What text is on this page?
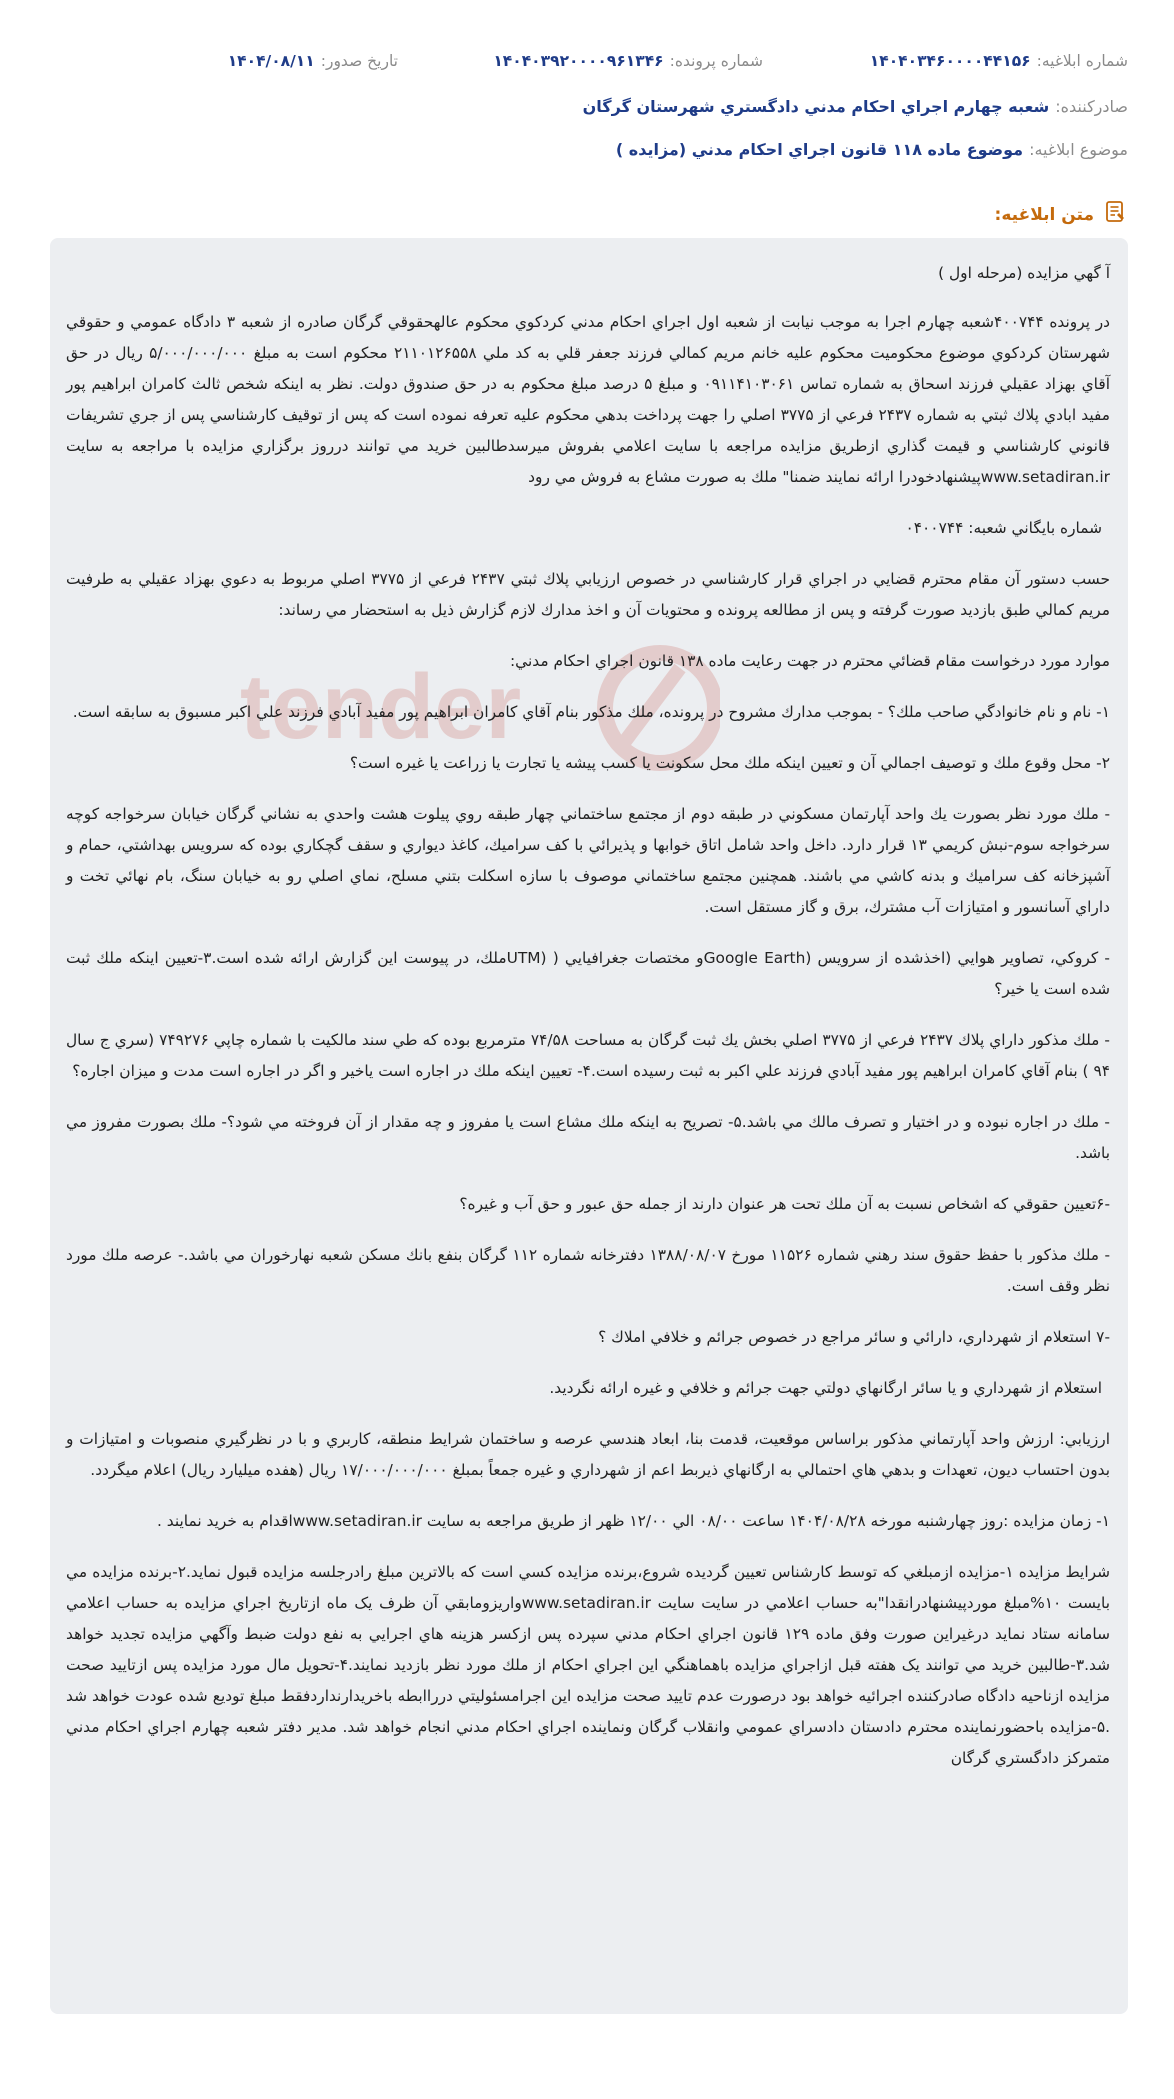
شماره ابلاغیه:۱۴۰۴۰۳۴۶۰۰۰۰۴۴۱۵۶
شماره پرونده:۱۴۰۴۰۳۹۲۰۰۰۰۹۶۱۳۴۶
تاریخ صدور:۱۴۰۴/۰۸/۱۱
صادرکننده:شعبه چهارم اجراي احكام مدني دادگستري شهرستان گرگان
موضوع ابلاغیه:موضوع ماده ۱۱۸ قانون اجراي احكام مدني (مزايده )
متن ابلاغیه:
tender

آ گهي مزايده (مرحله اول )

در پرونده ۴۰۰۷۴۴شعبه چهارم اجرا به موجب نيابت از شعبه اول اجراي احكام مدني كردكوي محكوم عالهحقوقي گرگان صادره از شعبه ۳ دادگاه عمومي و حقوقي شهرستان كردكوي موضوع محكوميت محكوم عليه خانم مريم كمالي فرزند جعفر قلي به كد ملي ۲۱۱۰۱۲۶۵۵۸ محكوم است به مبلغ ۵/۰۰۰/۰۰۰/۰۰۰ ريال در حق آقاي بهزاد عقيلي فرزند اسحاق به شماره تماس ۰۹۱۱۴۱۰۳۰۶۱ و مبلغ ۵ درصد مبلغ محكوم به در حق صندوق دولت. نظر به اينكه شخص ثالث كامران ابراهيم پور مفيد ابادي پلاك ثبتي به شماره ۲۴۳۷ فرعي از ۳۷۷۵ اصلي را جهت پرداخت بدهي محكوم عليه تعرفه نموده است كه پس از توقيف كارشناسي پس از جري تشريفات قانوني كارشناسي و قيمت گذاري ازطريق مزايده مراجعه با سايت اعلامي بفروش ميرسدطالبين خريد مي توانند درروز برگزاري مزايده با مراجعه به سايت www.setadiran.irپيشنهادخودرا ارائه نمايند ضمنا" ملك به صورت مشاع به فروش مي رود

شماره بايگاني شعبه: ۰۴۰۰۷۴۴

حسب دستور آن مقام محترم قضايي در اجراي قرار كارشناسي در خصوص ارزيابي پلاك ثبتي ۲۴۳۷ فرعي از ۳۷۷۵ اصلي مربوط به دعوي بهزاد عقيلي به طرفيت مريم كمالي طبق بازديد صورت گرفته و پس از مطالعه پرونده و محتويات آن و اخذ مدارك لازم گزارش ذيل به استحضار مي رساند:

موارد مورد درخواست مقام قضائي محترم در جهت رعايت ماده ۱۳۸ قانون اجراي احكام مدني:

۱- نام و نام خانوادگي صاحب ملك؟ - بموجب مدارك مشروح در پرونده، ملك مذكور بنام آقاي كامران ابراهيم پور مفيد آبادي فرزند علي اكبر مسبوق به سابقه است.

۲- محل وقوع ملك و توصيف اجمالي آن و تعيين اينكه ملك محل سكونت يا كسب پيشه يا تجارت يا زراعت يا غيره است؟

- ملك مورد نظر بصورت يك واحد آپارتمان مسكوني در طبقه دوم از مجتمع ساختماني چهار طبقه روي پيلوت هشت واحدي به نشاني گرگان خيابان سرخواجه كوچه سرخواجه سوم-نبش كريمي ۱۳ قرار دارد. داخل واحد شامل اتاق خوابها و پذيرائي با كف سراميك، كاغذ ديواري و سقف گچكاري بوده كه سرويس بهداشتي، حمام و آشپزخانه كف سراميك و بدنه كاشي مي باشند. همچنين مجتمع ساختماني موصوف با سازه اسكلت بتني مسلح، نماي اصلي رو به خيابان سنگ، بام نهائي تخت و داراي آسانسور و امتيازات آب مشترك، برق و گاز مستقل است.

- كروكي، تصاوير هوايي (اخذشده از سرويس (Google Earthو مختصات جغرافيايي ( (UTMملك، در پيوست اين گزارش ارائه شده است.۳-تعيين اينكه ملك ثبت شده است يا خير؟

- ملك مذكور داراي پلاك ۲۴۳۷ فرعي از ۳۷۷۵ اصلي بخش يك ثبت گرگان به مساحت ۷۴/۵۸ مترمربع بوده كه طي سند مالكيت با شماره چاپي ۷۴۹۲۷۶ (سري ج سال ۹۴ ) بنام آقاي كامران ابراهيم پور مفيد آبادي فرزند علي اكبر به ثبت رسيده است.۴- تعيين اينكه ملك در اجاره است ياخير و اگر در اجاره است مدت و ميزان اجاره؟

- ملك در اجاره نبوده و در اختيار و تصرف مالك مي باشد.۵- تصريح به اينكه ملك مشاع است يا مفروز و چه مقدار از آن فروخته مي شود؟- ملك بصورت مفروز مي باشد.

-۶تعيين حقوقي كه اشخاص نسبت به آن ملك تحت هر عنوان دارند از جمله حق عبور و حق آب و غيره؟

- ملك مذكور با حفظ حقوق سند رهني شماره ۱۱۵۲۶ مورخ ۱۳۸۸/۰۸/۰۷ دفترخانه شماره ۱۱۲ گرگان بنفع بانك مسكن شعبه نهارخوران مي باشد.- عرصه ملك مورد نظر وقف است.

-۷ استعلام از شهرداري، دارائي و سائر مراجع در خصوص جرائم و خلافي املاك ؟

استعلام از شهرداري و يا سائر ارگانهاي دولتي جهت جرائم و خلافي و غيره ارائه نگرديد.

ارزيابي: ارزش واحد آپارتماني مذكور براساس موقعيت، قدمت بنا، ابعاد هندسي عرصه و ساختمان شرايط منطقه، كاربري و با در نظرگيري منصوبات و امتيازات و بدون احتساب ديون، تعهدات و بدهي هاي احتمالي به ارگانهاي ذيربط اعم از شهرداري و غيره جمعاً بمبلغ ۱۷/۰۰۰/۰۰۰/۰۰۰ ريال (هفده ميليارد ريال) اعلام ميگردد.

۱- زمان مزايده :روز چهارشنبه مورخه ۱۴۰۴/۰۸/۲۸ ساعت ۰۸/۰۰ الي ۱۲/۰۰ ظهر از طريق مراجعه به سايت www.setadiran.irاقدام به خريد نمايند .

شرايط مزايده ۱-مزايده ازمبلغي كه توسط كارشناس تعيين گرديده شروع،برنده مزايده كسي است كه بالاترين مبلغ رادرجلسه مزايده قبول نمايد.۲-برنده مزايده مي بايست ۱۰%مبلغ موردپيشنهادرانقدا"به حساب اعلامي در سايت سايت www.setadiran.irواريزومابقي آن ظرف يک ماه ازتاريخ اجراي مزايده به حساب اعلامي سامانه ستاد نمايد درغيراين صورت وفق ماده ۱۲۹ قانون اجراي احكام مدني سپرده پس ازكسر هزينه هاي اجرايي به نفع دولت ضبط وآگهي مزايده تجديد خواهد شد.۳-طالبين خريد مي توانند يک هفته قبل ازاجراي مزايده باهماهنگي اين اجراي احكام از ملك مورد نظر بازديد نمايند.۴-تحويل مال مورد مزايده پس ازتاييد صحت مزايده ازناحيه دادگاه صادركننده اجرائيه خواهد بود درصورت عدم تاييد صحت مزايده اين اجرامسئوليتي درراابطه باخريدارنداردفقط مبلغ توديع شده عودت خواهد شد .۵-مزايده باحضورنماينده محترم دادستان دادسراي عمومي وانقلاب گرگان ونماينده اجراي احكام مدني انجام خواهد شد. مدير دفتر شعبه چهارم اجراي احكام مدني متمركز دادگستري گرگان
